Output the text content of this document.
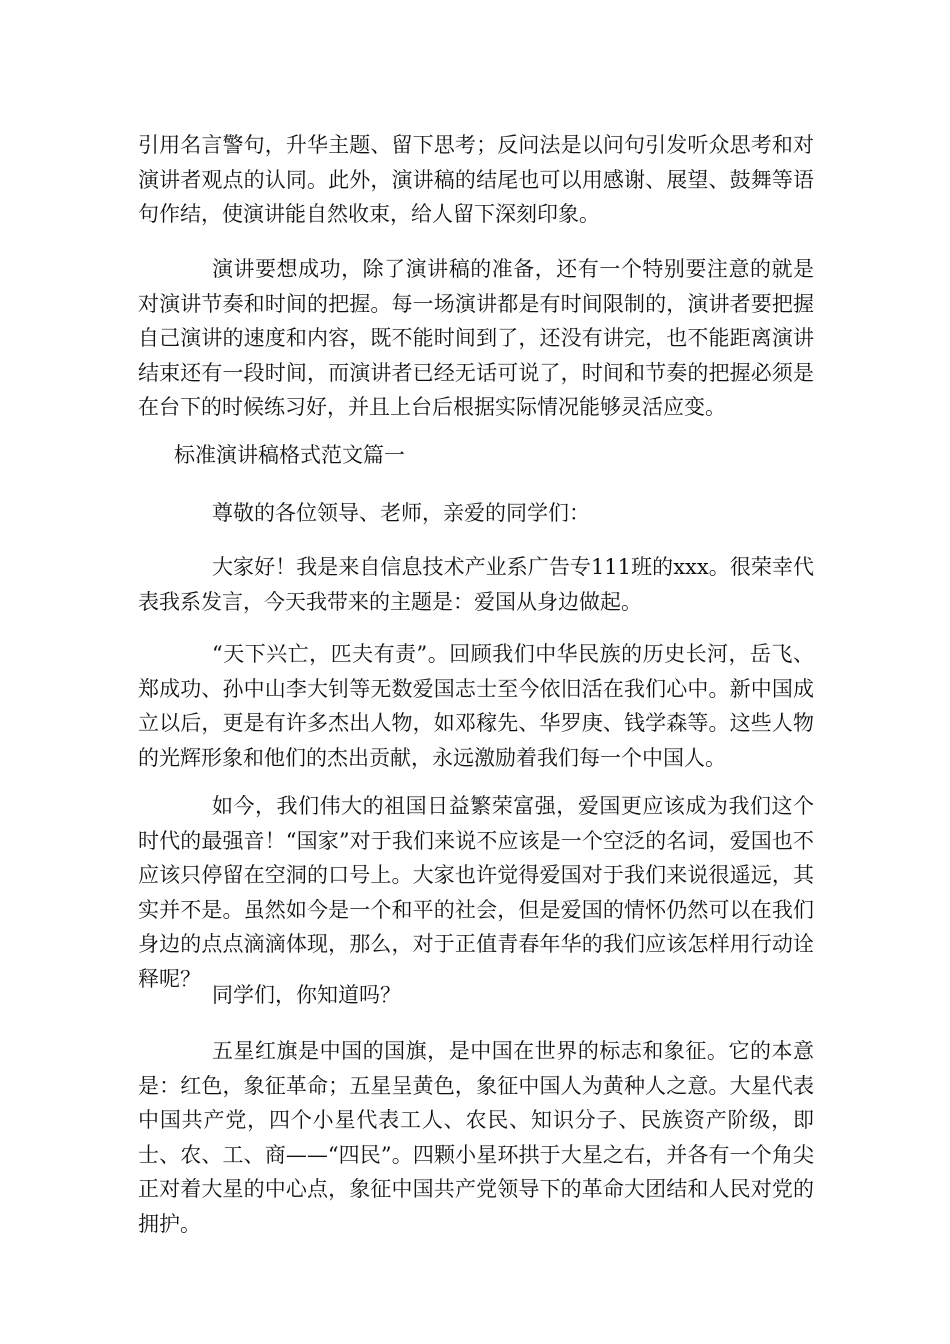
引用名言警句，升华主题、留下思考；反问法是以问句引发听众思考和对演讲者观点的认同。此外，演讲稿的结尾也可以用感谢、展望、鼓舞等语句作结，使演讲能自然收束，给人留下深刻印象。

演讲要想成功，除了演讲稿的准备，还有一个特别要注意的就是对演讲节奏和时间的把握。每一场演讲都是有时间限制的，演讲者要把握自己演讲的速度和内容，既不能时间到了，还没有讲完，也不能距离演讲结束还有一段时间，而演讲者已经无话可说了，时间和节奏的把握必须是在台下的时候练习好，并且上台后根据实际情况能够灵活应变。

标准演讲稿格式范文篇一

尊敬的各位领导、老师，亲爱的同学们：

大家好！我是来自信息技术产业系广告专111班的xxx。很荣幸代表我系发言，今天我带来的主题是：爱国从身边做起。

“天下兴亡，匹夫有责”。回顾我们中华民族的历史长河，岳飞、郑成功、孙中山李大钊等无数爱国志士至今依旧活在我们心中。新中国成立以后，更是有许多杰出人物，如邓稼先、华罗庚、钱学森等。这些人物的光辉形象和他们的杰出贡献，永远激励着我们每一个中国人。

如今，我们伟大的祖国日益繁荣富强，爱国更应该成为我们这个时代的最强音！“国家”对于我们来说不应该是一个空泛的名词，爱国也不应该只停留在空洞的口号上。大家也许觉得爱国对于我们来说很遥远，其实并不是。虽然如今是一个和平的社会，但是爱国的情怀仍然可以在我们身边的点点滴滴体现，那么，对于正值青春年华的我们应该怎样用行动诠释呢？

同学们，你知道吗？

五星红旗是中国的国旗，是中国在世界的标志和象征。它的本意是：红色，象征革命；五星呈黄色，象征中国人为黄种人之意。大星代表中国共产党，四个小星代表工人、农民、知识分子、民族资产阶级，即士、农、工、商——“四民”。四颗小星环拱于大星之右，并各有一个角尖正对着大星的中心点，象征中国共产党领导下的革命大团结和人民对党的拥护。
